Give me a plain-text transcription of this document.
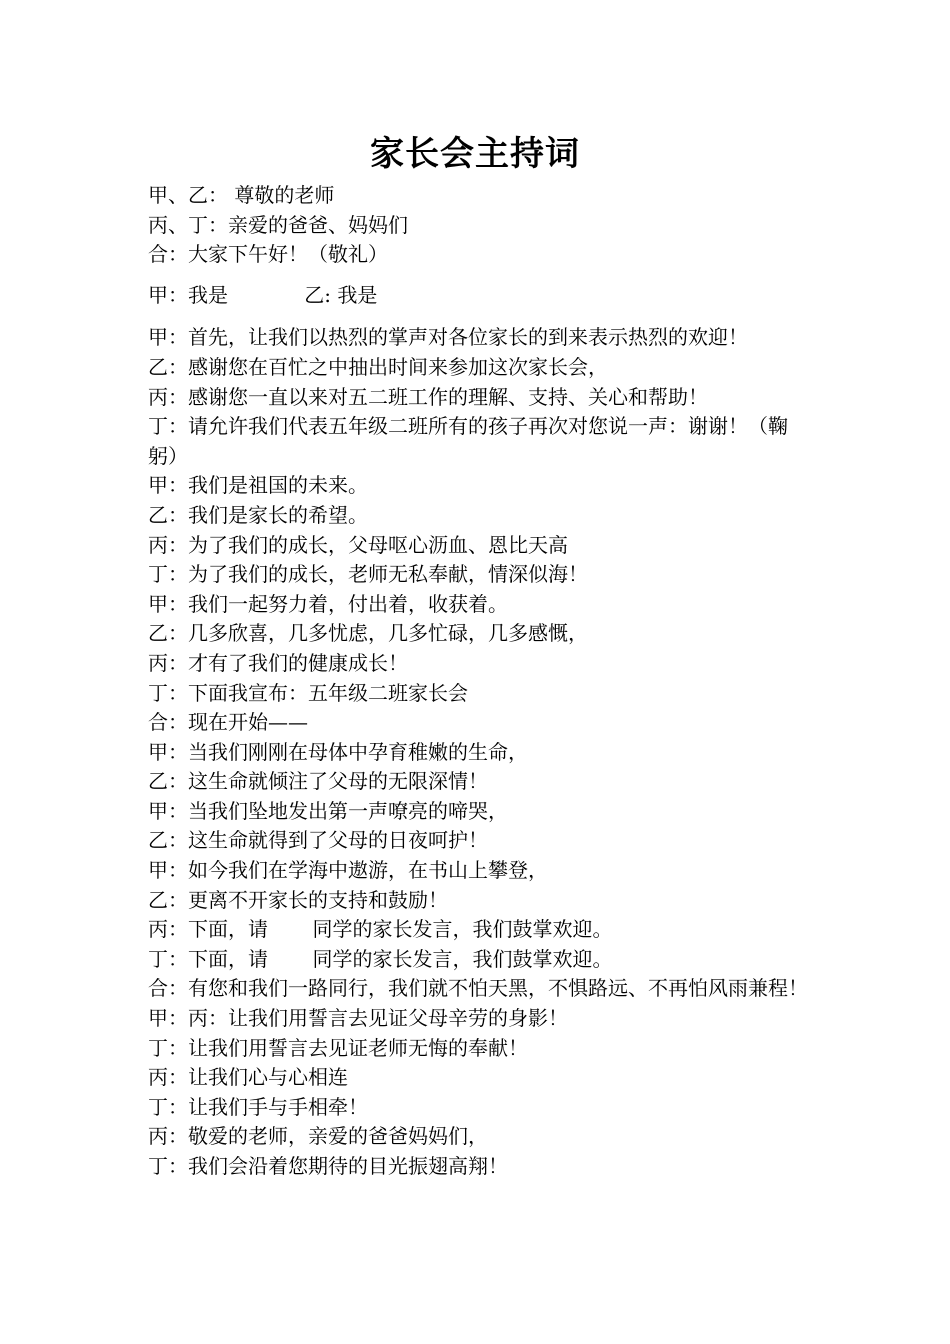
家长会主持词
甲、乙： 尊敬的老师
丙、丁：亲爱的爸爸、妈妈们
合：大家下午好！（敬礼）
甲：我是            乙: 我是
甲：首先，让我们以热烈的掌声对各位家长的到来表示热烈的欢迎！
乙：感谢您在百忙之中抽出时间来参加这次家长会，
丙：感谢您一直以来对五二班工作的理解、支持、关心和帮助！
丁：请允许我们代表五年级二班所有的孩子再次对您说一声：谢谢！（鞠躬）
甲：我们是祖国的未来。
乙：我们是家长的希望。
丙：为了我们的成长，父母呕心沥血、恩比天高
丁：为了我们的成长，老师无私奉献，情深似海！
甲：我们一起努力着，付出着，收获着。
乙：几多欣喜，几多忧虑，几多忙碌，几多感慨，
丙：才有了我们的健康成长！
丁：下面我宣布：五年级二班家长会
合：现在开始——
甲：当我们刚刚在母体中孕育稚嫩的生命，
乙：这生命就倾注了父母的无限深情！
甲：当我们坠地发出第一声嘹亮的啼哭，
乙：这生命就得到了父母的日夜呵护！
甲：如今我们在学海中遨游，在书山上攀登，
乙：更离不开家长的支持和鼓励！
丙：下面，请       同学的家长发言，我们鼓掌欢迎。
丁：下面，请       同学的家长发言，我们鼓掌欢迎。
合：有您和我们一路同行，我们就不怕天黑，不惧路远、不再怕风雨兼程！
甲：丙：让我们用誓言去见证父母辛劳的身影！
丁：让我们用誓言去见证老师无悔的奉献！
丙：让我们心与心相连
丁：让我们手与手相牵！
丙：敬爱的老师，亲爱的爸爸妈妈们，
丁：我们会沿着您期待的目光振翅高翔！
